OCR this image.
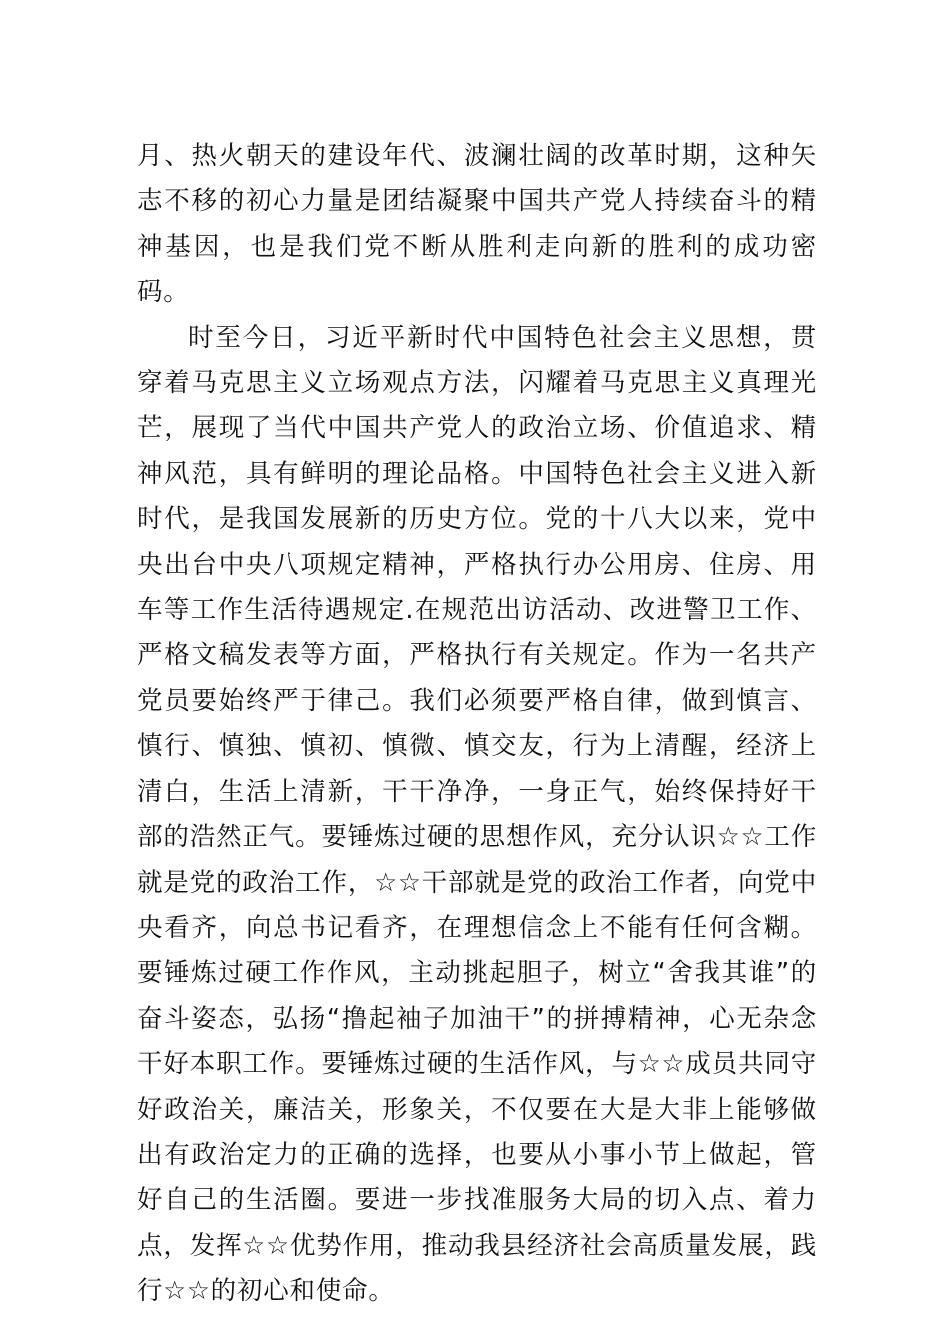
月、热火朝天的建设年代、波澜壮阔的改革时期，这种矢志不移的初心力量是团结凝聚中国共产党人持续奋斗的精神基因，也是我们党不断从胜利走向新的胜利的成功密码。

时至今日，习近平新时代中国特色社会主义思想，贯穿着马克思主义立场观点方法，闪耀着马克思主义真理光芒，展现了当代中国共产党人的政治立场、价值追求、精神风范，具有鲜明的理论品格。中国特色社会主义进入新时代，是我国发展新的历史方位。党的十八大以来，党中央出台中央八项规定精神，严格执行办公用房、住房、用车等工作生活待遇规定.在规范出访活动、改进警卫工作、严格文稿发表等方面，严格执行有关规定。作为一名共产党员要始终严于律己。我们必须要严格自律，做到慎言、慎行、慎独、慎初、慎微、慎交友，行为上清醒，经济上清白，生活上清新，干干净净，一身正气，始终保持好干部的浩然正气。要锤炼过硬的思想作风，充分认识☆☆工作就是党的政治工作，☆☆干部就是党的政治工作者，向党中央看齐，向总书记看齐，在理想信念上不能有任何含糊。要锤炼过硬工作作风，主动挑起胆子，树立“舍我其谁”的奋斗姿态，弘扬“撸起袖子加油干”的拼搏精神，心无杂念干好本职工作。要锤炼过硬的生活作风，与☆☆成员共同守好政治关，廉洁关，形象关，不仅要在大是大非上能够做出有政治定力的正确的选择，也要从小事小节上做起，管好自己的生活圈。要进一步找准服务大局的切入点、着力点，发挥☆☆优势作用，推动我县经济社会高质量发展，践行☆☆的初心和使命。
